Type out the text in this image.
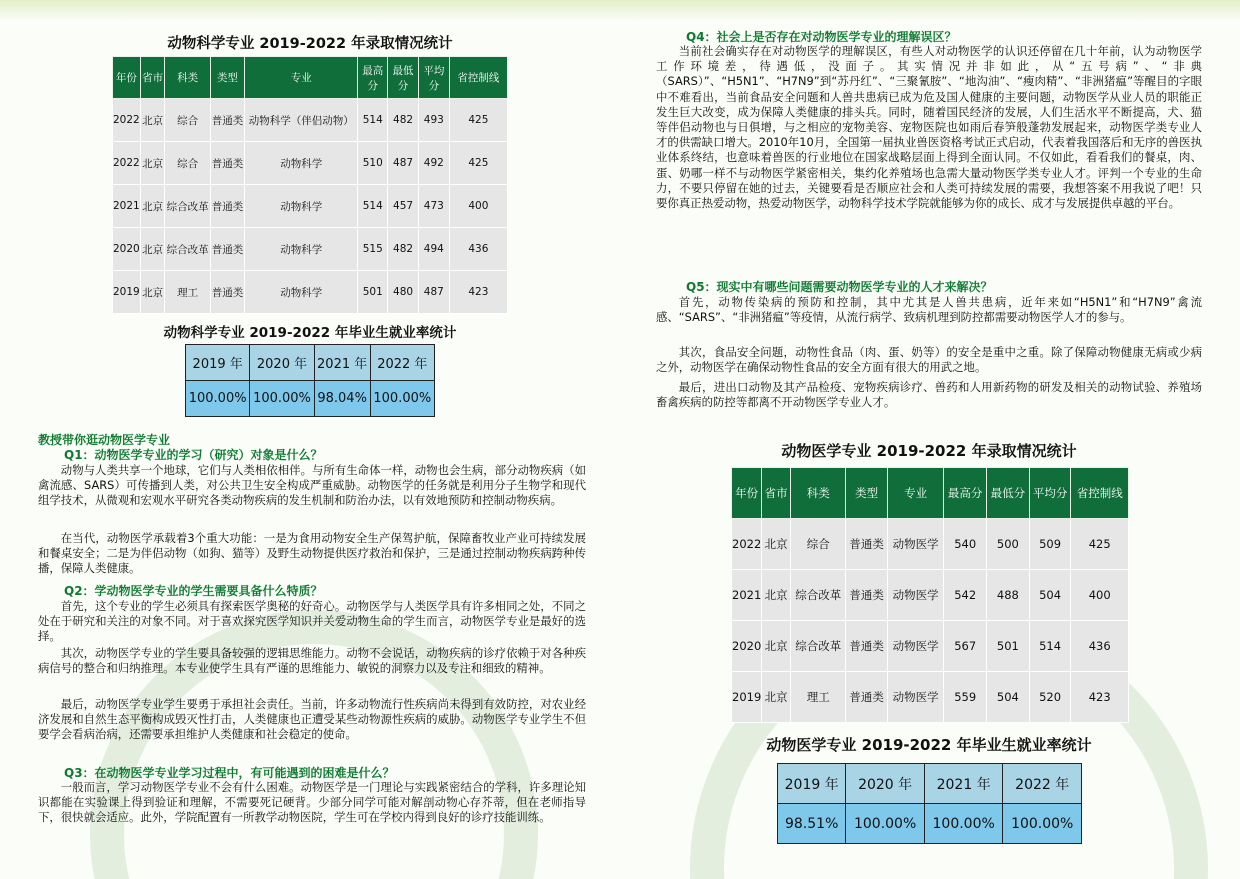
动物科学专业 2019-2022 年录取情况统计
年份	省市	科类	类型	专业	最高分	最低分	平均分	省控制线
2022	北京	综合	普通类	动物科学（伴侣动物）	514	482	493	425
2022	北京	综合	普通类	动物科学	510	487	492	425
2021	北京	综合改革	普通类	动物科学	514	457	473	400
2020	北京	综合改革	普通类	动物科学	515	482	494	436
2019	北京	理工	普通类	动物科学	501	480	487	423
动物科学专业 2019-2022 年毕业生就业率统计
2019 年	2020 年	2021 年	2022 年
100.00%	100.00%	98.04%	100.00%
教授带你逛动物医学专业
Q1：动物医学专业的学习（研究）对象是什么？
动物与人类共享一个地球，它们与人类相依相伴。与所有生命体一样，动物也会生病，部分动物疾病（如禽流感、SARS）可传播到人类，对公共卫生安全构成严重威胁。动物医学的任务就是利用分子生物学和现代组学技术，从微观和宏观水平研究各类动物疾病的发生机制和防治办法，以有效地预防和控制动物疾病。
在当代，动物医学承载着3个重大功能：一是为食用动物安全生产保驾护航，保障畜牧业产业可持续发展和餐桌安全；二是为伴侣动物（如狗、猫等）及野生动物提供医疗救治和保护，三是通过控制动物疾病跨种传播，保障人类健康。
Q2：学动物医学专业的学生需要具备什么特质？
首先，这个专业的学生必须具有探索医学奥秘的好奇心。动物医学与人类医学具有许多相同之处，不同之处在于研究和关注的对象不同。对于喜欢探究医学知识并关爱动物生命的学生而言，动物医学专业是最好的选择。
其次，动物医学专业的学生要具备较强的逻辑思维能力。动物不会说话，动物疾病的诊疗依赖于对各种疾病信号的整合和归纳推理。本专业使学生具有严谨的思维能力、敏锐的洞察力以及专注和细致的精神。
最后，动物医学专业学生要勇于承担社会责任。当前，许多动物流行性疾病尚未得到有效防控，对农业经济发展和自然生态平衡构成毁灭性打击，人类健康也正遭受某些动物源性疾病的威胁。动物医学专业学生不但要学会看病治病，还需要承担维护人类健康和社会稳定的使命。
Q3：在动物医学专业学习过程中，有可能遇到的困难是什么？
一般而言，学习动物医学专业不会有什么困难。动物医学是一门理论与实践紧密结合的学科，许多理论知识都能在实验课上得到验证和理解，不需要死记硬背。少部分同学可能对解剖动物心存芥蒂，但在老师指导下，很快就会适应。此外，学院配置有一所教学动物医院，学生可在学校内得到良好的诊疗技能训练。
Q4：社会上是否存在对动物医学专业的理解误区？
当前社会确实存在对动物医学的理解误区，有些人对动物医学的认识还停留在几十年前，认为动物医学工作环境差，待遇低，没面子。其实情况并非如此，从“五号病”、“非典（SARS）”、“H5N1”、“H7N9”到“苏丹红”、“三聚氰胺”、“地沟油”、“瘦肉精”、“非洲猪瘟”等醒目的字眼中不难看出，当前食品安全问题和人兽共患病已成为危及国人健康的主要问题，动物医学从业人员的职能正发生巨大改变，成为保障人类健康的排头兵。同时，随着国民经济的发展，人们生活水平不断提高，犬、猫等伴侣动物也与日俱增，与之相应的宠物美容、宠物医院也如雨后春笋般蓬勃发展起来，动物医学类专业人才的供需缺口增大。2010年10月，全国第一届执业兽医资格考试正式启动，代表着我国落后和无序的兽医执业体系终结，也意味着兽医的行业地位在国家战略层面上得到全面认同。不仅如此，看看我们的餐桌，肉、蛋、奶哪一样不与动物医学紧密相关，集约化养殖场也急需大量动物医学类专业人才。评判一个专业的生命力，不要只停留在她的过去，关键要看是否顺应社会和人类可持续发展的需要，我想答案不用我说了吧！只要你真正热爱动物，热爱动物医学，动物科学技术学院就能够为你的成长、成才与发展提供卓越的平台。
Q5：现实中有哪些问题需要动物医学专业的人才来解决？
首先，动物传染病的预防和控制，其中尤其是人兽共患病，近年来如“H5N1”和“H7N9”禽流感、“SARS”、“非洲猪瘟”等疫情，从流行病学、致病机理到防控都需要动物医学人才的参与。
其次，食品安全问题，动物性食品（肉、蛋、奶等）的安全是重中之重。除了保障动物健康无病或少病之外，动物医学在确保动物性食品的安全方面有很大的用武之地。
最后，进出口动物及其产品检疫、宠物疾病诊疗、兽药和人用新药物的研发及相关的动物试验、养殖场畜禽疾病的防控等都离不开动物医学专业人才。
动物医学专业 2019-2022 年录取情况统计
年份	省市	科类	类型	专业	最高分	最低分	平均分	省控制线
2022	北京	综合	普通类	动物医学	540	500	509	425
2021	北京	综合改革	普通类	动物医学	542	488	504	400
2020	北京	综合改革	普通类	动物医学	567	501	514	436
2019	北京	理工	普通类	动物医学	559	504	520	423
动物医学专业 2019-2022 年毕业生就业率统计
2019 年	2020 年	2021 年	2022 年
98.51%	100.00%	100.00%	100.00%
